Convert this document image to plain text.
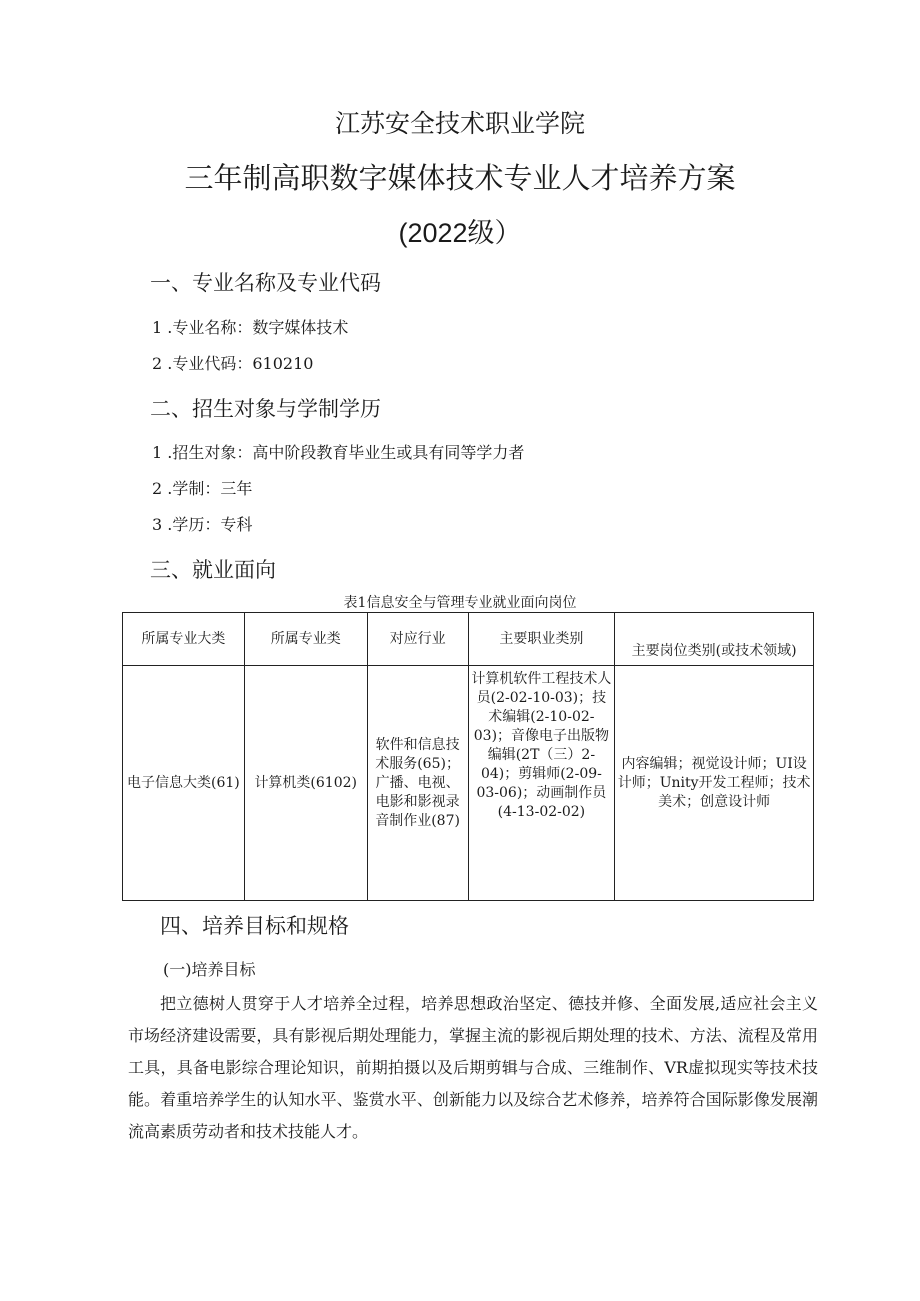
江苏安全技术职业学院
三年制高职数字媒体技术专业人才培养方案
(2022级）
一、专业名称及专业代码
1 .专业名称：数字媒体技术
2 .专业代码：610210
二、招生对象与学制学历
1 .招生对象：高中阶段教育毕业生或具有同等学力者
2 .学制：三年
3 .学历：专科
三、就业面向
表1信息安全与管理专业就业面向岗位
所属专业大类	所属专业类	对应行业	主要职业类别	主要岗位类别(或技术领域)
电子信息大类(61)	计算机类(6102)	软件和信息技术服务(65)；广播、电视、电影和影视录音制作业(87)	计算机软件工程技术人员(2-02-10-03)；技术编辑(2-10-02-03)；音像电子出版物编辑(2T（三）2-04)；剪辑师(2-09-03-06)；动画制作员(4-13-02-02)	内容编辑；视觉设计师；UI设计师；Unity开发工程师；技术美术；创意设计师
四、培养目标和规格
(一)培养目标
把立德树人贯穿于人才培养全过程，培养思想政治坚定、德技并修、全面发展,适应社会主义市场经济建设需要，具有影视后期处理能力，掌握主流的影视后期处理的技术、方法、流程及常用工具，具备电影综合理论知识，前期拍摄以及后期剪辑与合成、三维制作、VR虚拟现实等技术技能。着重培养学生的认知水平、鉴赏水平、创新能力以及综合艺术修养，培养符合国际影像发展潮流高素质劳动者和技术技能人才。
